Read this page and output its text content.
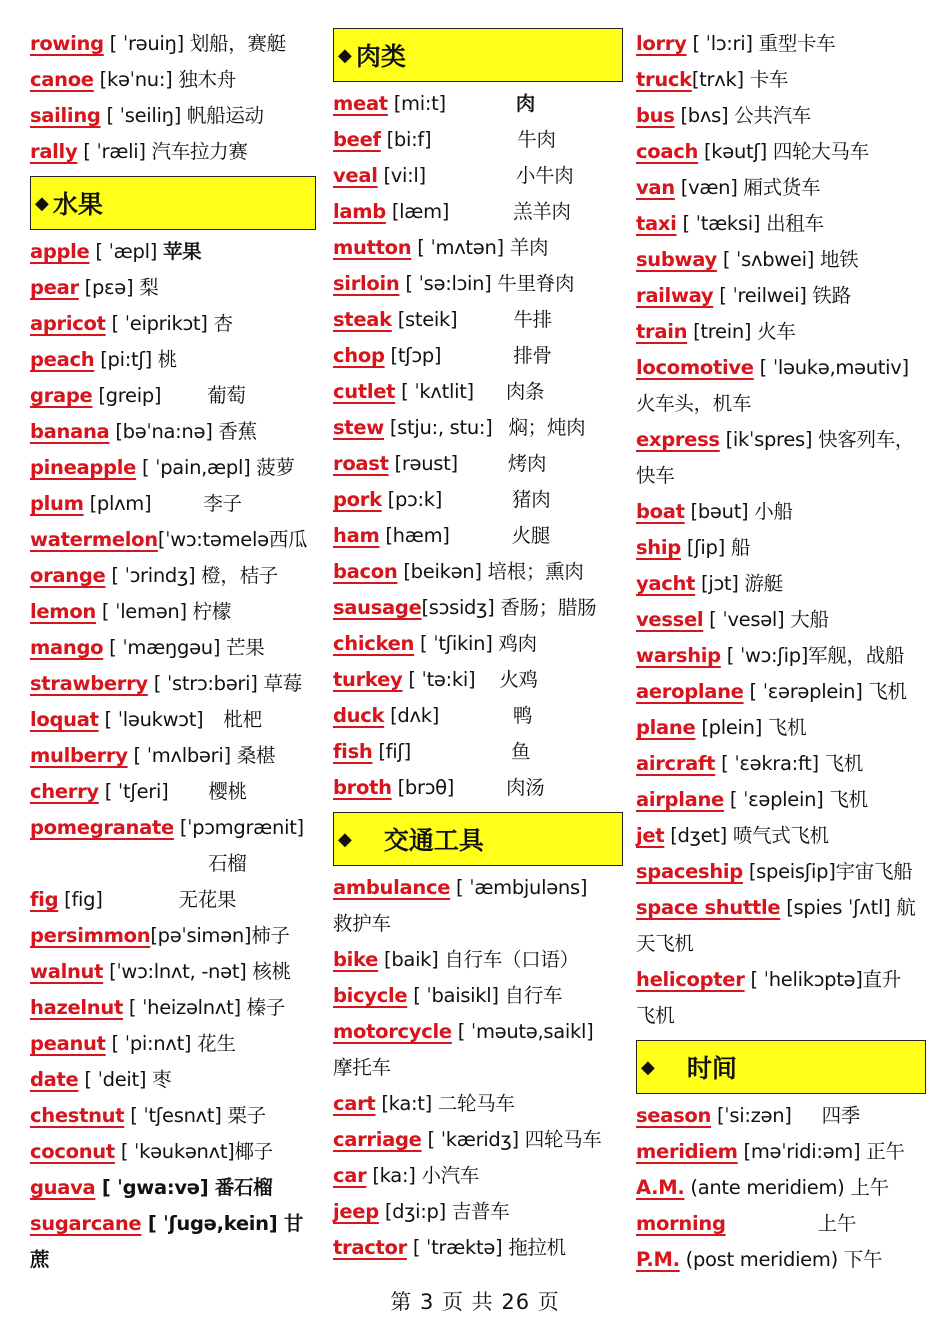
rowing [ ˈrəuiŋ] 划船，赛艇
canoe [kəˈnu:] 独木舟
sailing [ ˈseiliŋ] 帆船运动
rally [ ˈræli] 汽车拉力赛
◆ 水果
apple [ ˈæpl] 苹果
pear [pɛə] 梨
apricot [ ˈeiprikɔt] 杏
peach [pi:tʃ] 桃
grape [greip] 葡萄
banana [bəˈna:nə] 香蕉
pineapple [ ˈpain,æpl] 菠萝
plum [plʌm]	李子
watermelon[ˈwɔ:təmelə西瓜
orange [ ˈɔrindʒ] 橙，桔子
lemon [ ˈlemən] 柠檬
mango [ ˈmæŋgəu] 芒果
strawberry [ ˈstrɔ:bəri] 草莓
loquat [ ˈləukwɔt] 枇杷
mulberry [ ˈmʌlbəri] 桑椹
cherry [ ˈtʃeri] 樱桃
pomegranate [ˈpɔmgrænit]
石榴
fig [fig]	无花果
persimmon[pəˈsimən]柿子
walnut [ˈwɔ:lnʌt, -nət] 核桃
hazelnut [ ˈheizəlnʌt] 榛子
peanut [ ˈpi:nʌt] 花生
date [ ˈdeit] 枣
chestnut [ ˈtʃesnʌt] 栗子
coconut [ ˈkəukənʌt]椰子
guava [ ˈgwa:və] 番石榴
sugarcane [ ˈʃugə,kein] 甘
蔗
◆ 肉类
meat [mi:t]	肉
beef [bi:f]	牛肉
veal [vi:l]	小牛肉
lamb [læm]	羔羊肉
mutton [ ˈmʌtən] 羊肉
sirloin [ ˈsə:lɔin] 牛里脊肉
steak [steik]	牛排
chop [tʃɔp]	排骨
cutlet [ ˈkʌtlit] 肉条
stew [stju:, stu:] 焖；炖肉
roast [rəust]	烤肉
pork [pɔ:k]	猪肉
ham [hæm]	火腿
bacon [beikən] 培根；熏肉
sausage[sɔsidʒ] 香肠；腊肠
chicken [ ˈtʃikin] 鸡肉
turkey [ ˈtə:ki] 火鸡
duck [dʌk]	鸭
fish [fiʃ]	鱼
broth [brɔθ]	肉汤
◆ 交通工具
ambulance [ ˈæmbjuləns]
救护车
bike [baik] 自行车（口语）
bicycle [ ˈbaisikl] 自行车
motorcycle [ ˈməutə,saikl]
摩托车
cart [ka:t] 二轮马车
carriage [ ˈkæridʒ] 四轮马车
car [ka:] 小汽车
jeep [dʒi:p] 吉普车
tractor [ ˈtræktə] 拖拉机
lorry [ ˈlɔ:ri] 重型卡车
truck[trʌk] 卡车
bus [bʌs] 公共汽车
coach [kəutʃ] 四轮大马车
van [væn] 厢式货车
taxi [ ˈtæksi] 出租车
subway [ ˈsʌbwei] 地铁
railway [ ˈreilwei] 铁路
train [trein] 火车
locomotive [ ˈləukə,məutiv]
火车头，机车
express [ikˈspres] 快客列车，
快车
boat [bəut] 小船
ship [ʃip] 船
yacht [jɔt] 游艇
vessel [ ˈvesəl] 大船
warship [ ˈwɔ:ʃip]军舰，战船
aeroplane [ ˈɛərəplein] 飞机
plane [plein] 飞机
aircraft [ ˈɛəkra:ft] 飞机
airplane [ ˈɛəplein] 飞机
jet [dʒet] 喷气式飞机
spaceship [speisʃip]宇宙飞船
space shuttle [spies ˈʃʌtl] 航
天飞机
helicopter [ ˈhelikɔptə]直升
飞机
◆ 时间
season [ˈsi:zən] 四季
meridiem [məˈridi:əm] 正午
A.M. (ante meridiem) 上午
morning	上午
P.M. (post meridiem) 下午
第 3 页 共 26 页
